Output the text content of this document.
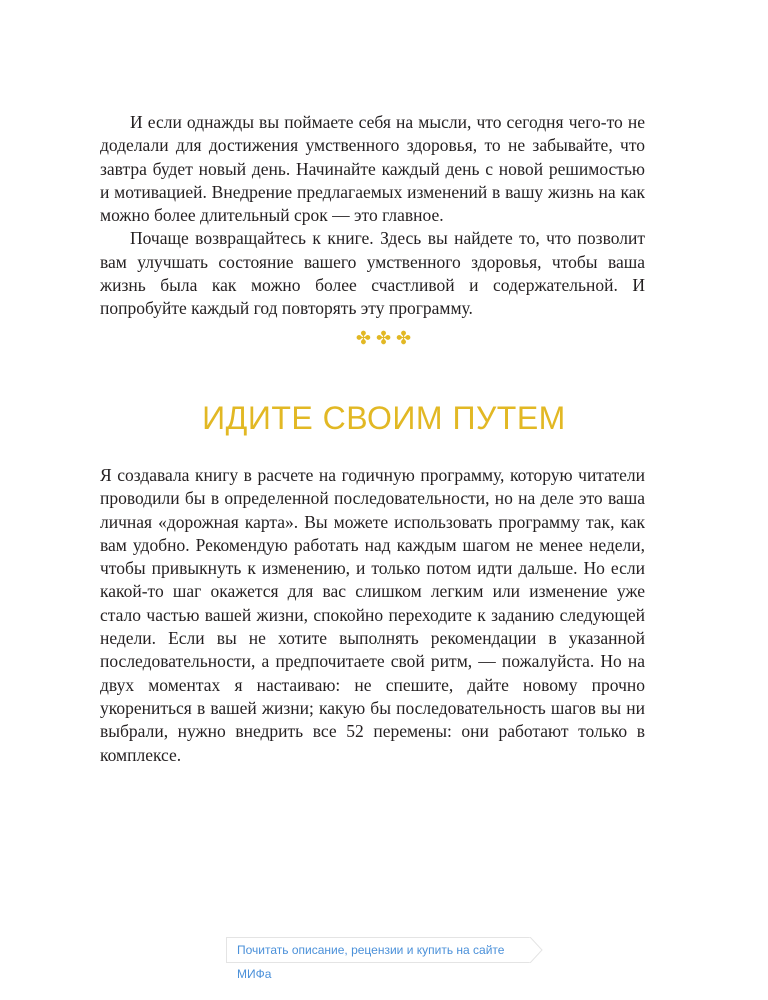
И если однажды вы поймаете себя на мысли, что сегодня чего-то не доделали для достижения умственного здоровья, то не забывайте, что завтра будет новый день. Начинайте каждый день с новой решимостью и мотивацией. Внедрение предлагаемых изменений в вашу жизнь на как можно более длительный срок — это главное.

Почаще возвращайтесь к книге. Здесь вы найдете то, что позволит вам улучшать состояние вашего умственного здоровья, чтобы ваша жизнь была как можно более счастливой и содержательной. И попробуйте каждый год повторять эту программу.

✤ ✤ ✤
ИДИТЕ СВОИМ ПУТЕМ

Я создавала книгу в расчете на годичную программу, которую читатели проводили бы в определенной последовательности, но на деле это ваша личная «дорожная карта». Вы можете использовать программу так, как вам удобно. Рекомендую работать над каждым шагом не менее недели, чтобы привыкнуть к изменению, и только потом идти дальше. Но если какой-то шаг окажется для вас слишком легким или изменение уже стало частью вашей жизни, спокойно переходите к заданию следующей недели. Если вы не хотите выполнять рекомендации в указанной последовательности, а предпочитаете свой ритм, — пожалуйста. Но на двух моментах я настаиваю: не спешите, дайте новому прочно укорениться в вашей жизни; какую бы последовательность шагов вы ни выбрали, нужно внедрить все 52 перемены: они работают только в комплексе.

Почитать описание, рецензии и купить на сайте МИФа
